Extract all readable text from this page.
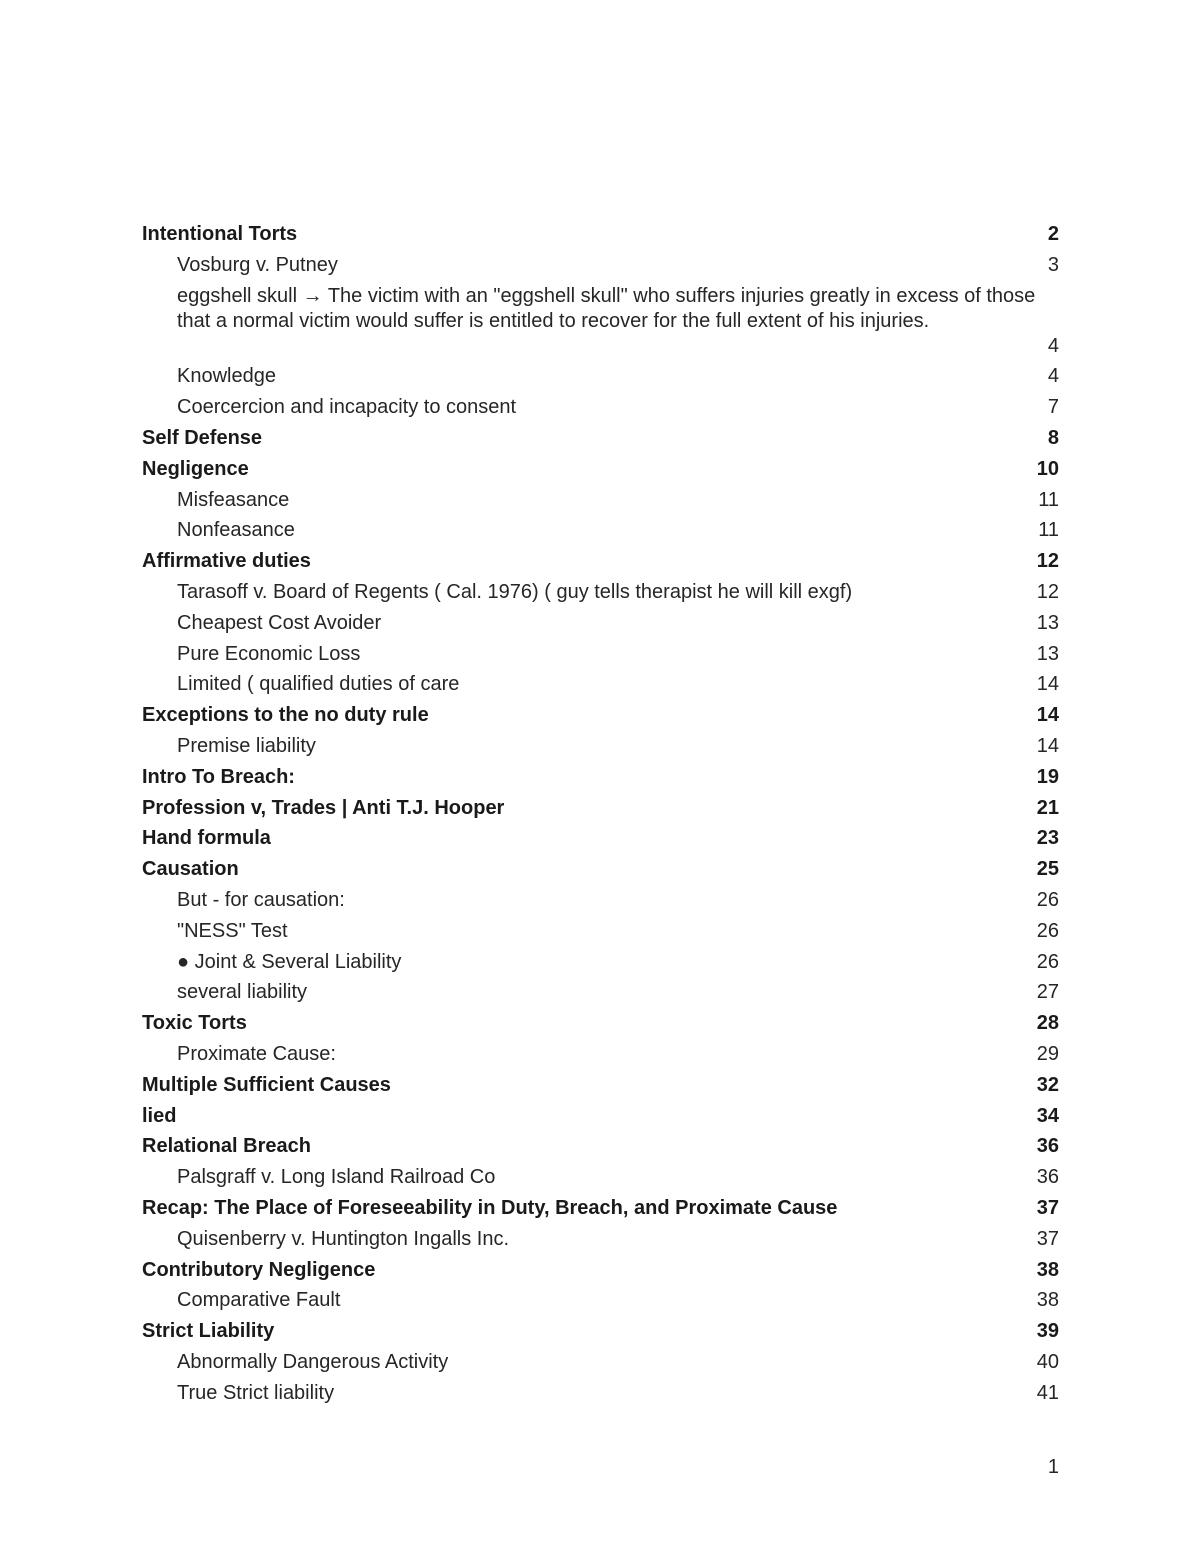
Intentional Torts	2
Vosburg v. Putney	3
eggshell skull → The victim with an "eggshell skull" who suffers injuries greatly in excess of those that a normal victim would suffer is entitled to recover for the full extent of his injuries.
4
Knowledge	4
Coercercion and incapacity to consent	7
Self Defense	8
Negligence	10
Misfeasance	11
Nonfeasance	11
Affirmative duties	12
Tarasoff v. Board of Regents ( Cal. 1976) ( guy tells therapist he will kill exgf)	12
Cheapest Cost Avoider	13
Pure Economic Loss	13
Limited ( qualified duties of care	14
Exceptions to the no duty rule	14
Premise liability	14
Intro To Breach:	19
Profession v, Trades | Anti T.J. Hooper	21
Hand formula	23
Causation	25
But - for causation:	26
"NESS" Test	26
● Joint & Several Liability	26
several liability	27
Toxic Torts	28
Proximate Cause:	29
Multiple Sufficient Causes	32
lied	34
Relational Breach	36
Palsgraff v. Long Island Railroad Co	36
Recap: The Place of Foreseeability in Duty, Breach, and Proximate Cause	37
Quisenberry v. Huntington Ingalls Inc.	37
Contributory Negligence	38
Comparative Fault	38
Strict Liability	39
Abnormally Dangerous Activity	40
True Strict liability	41
1
